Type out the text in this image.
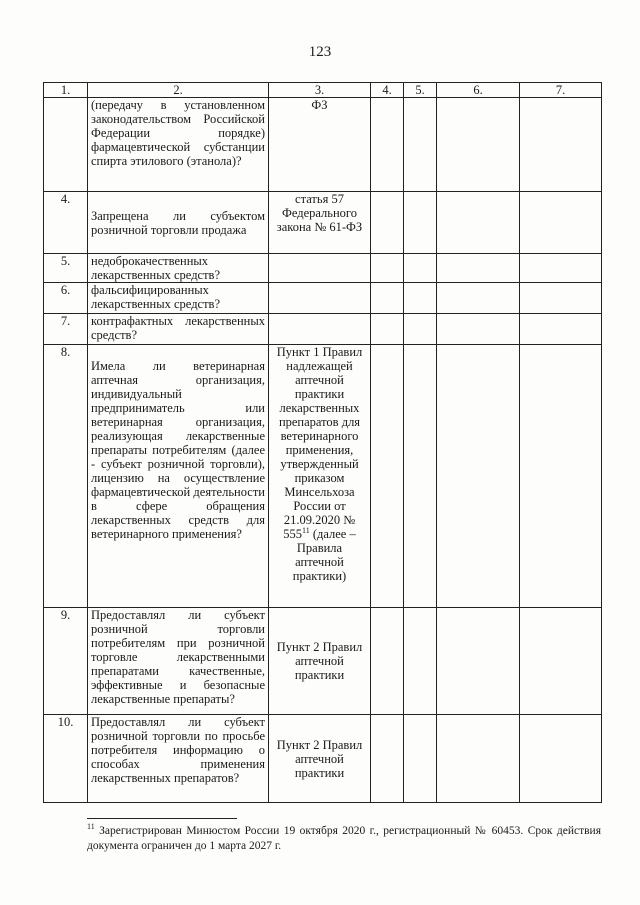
123
1.	2.	3.	4.	5.	6.	7.
	(передачу в установленном законодательством Российской Федерации порядке) фармацевтической субстанции спирта этилового (этанола)?	ФЗ				
4.	Запрещена ли субъектом розничной торговли продажа	статья 57 Федерального закона № 61-ФЗ				
5.	недоброкачественных лекарственных средств?					
6.	фальсифицированных лекарственных средств?					
7.	контрафактных лекарственных средств?					
8.	Имела ли ветеринарная аптечная организация, индивидуальный предприниматель или ветеринарная организация, реализующая лекарственные препараты потребителям (далее - субъект розничной торговли), лицензию на осуществление фармацевтической деятельности в сфере обращения лекарственных средств для ветеринарного применения?	Пункт 1 Правил надлежащей аптечной практики лекарственных препаратов для ветеринарного применения, утвержденный приказом Минсельхоза России от 21.09.2020 № $555^{11}$ (далее – Правила аптечной практики)				
9.	Предоставлял ли субъект розничной торговли потребителям при розничной торговле лекарственными препаратами качественные, эффективные и безопасные лекарственные препараты?	Пункт 2 Правил аптечной практики				
10.	Предоставлял ли субъект розничной торговли по просьбе потребителя информацию о способах применения лекарственных препаратов?	Пункт 2 Правил аптечной практики				
$^{11}$ Зарегистрирован Минюстом России 19 октября 2020 г., регистрационный № 60453. Срок действия документа ограничен до 1 марта 2027 г.
